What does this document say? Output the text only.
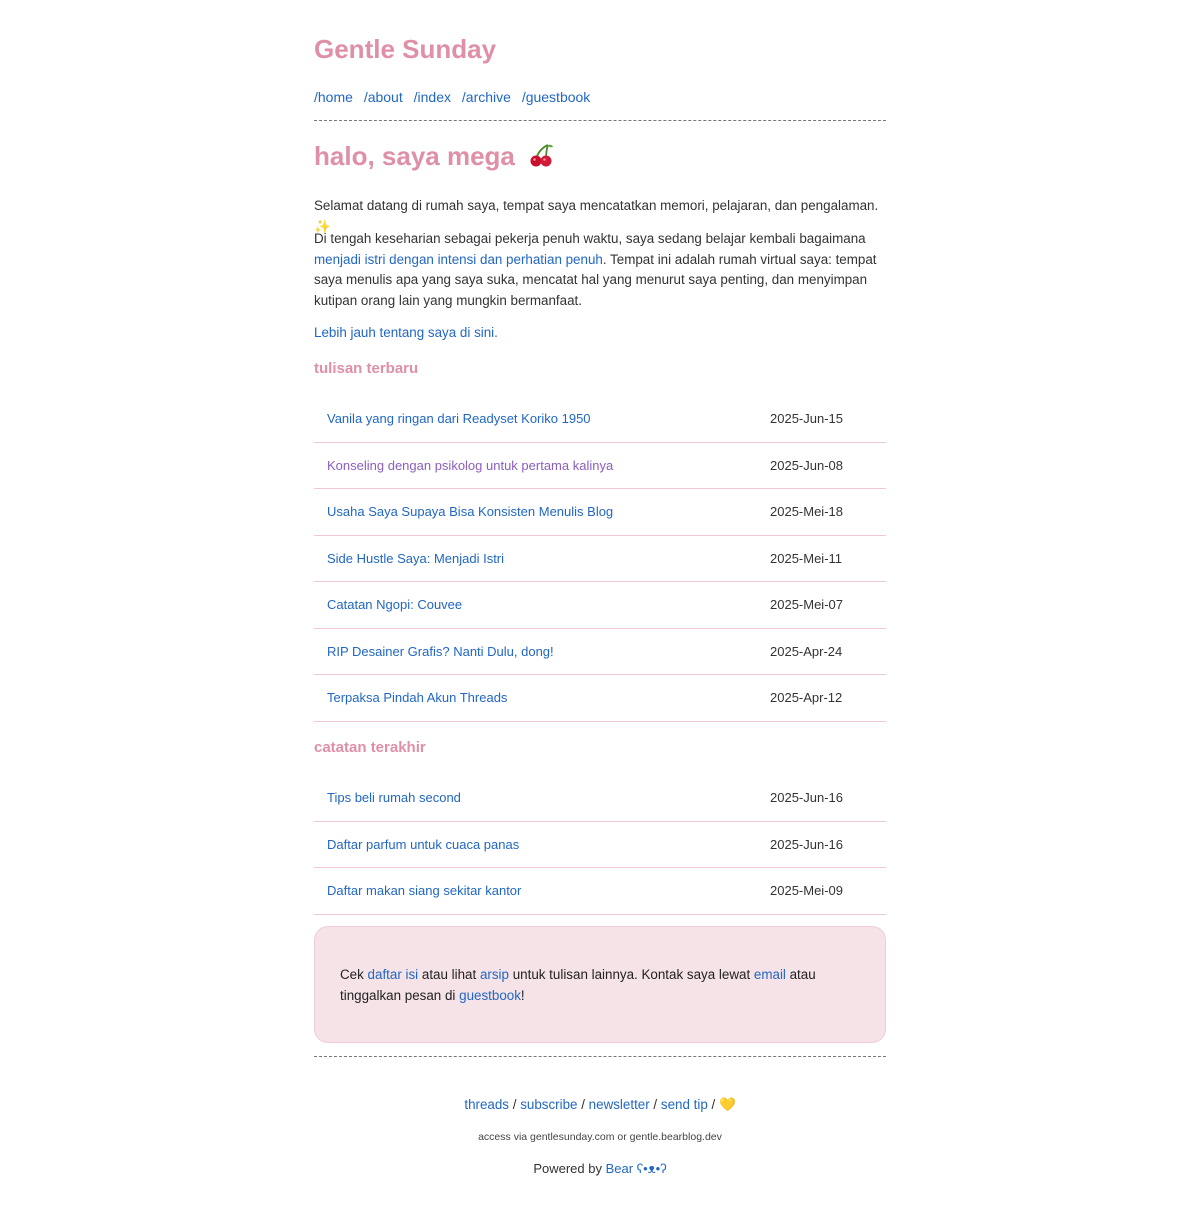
Gentle Sunday
/home /about /index /archive /guestbook
halo, saya mega

Selamat datang di rumah saya, tempat saya mencatatkan memori, pelajaran, dan pengalaman. ✨

Di tengah keseharian sebagai pekerja penuh waktu, saya sedang belajar kembali bagaimana menjadi istri dengan intensi dan perhatian penuh. Tempat ini adalah rumah virtual saya: tempat saya menulis apa yang saya suka, mencatat hal yang menurut saya penting, dan menyimpan kutipan orang lain yang mungkin bermanfaat.

Lebih jauh tentang saya di sini.

tulisan terbaru
Vanila yang ringan dari Readyset Koriko 1950	2025-Jun-15
Konseling dengan psikolog untuk pertama kalinya	2025-Jun-08
Usaha Saya Supaya Bisa Konsisten Menulis Blog	2025-Mei-18
Side Hustle Saya: Menjadi Istri	2025-Mei-11
Catatan Ngopi: Couvee	2025-Mei-07
RIP Desainer Grafis? Nanti Dulu, dong!	2025-Apr-24
Terpaksa Pindah Akun Threads	2025-Apr-12
catatan terakhir
Tips beli rumah second	2025-Jun-16
Daftar parfum untuk cuaca panas	2025-Jun-16
Daftar makan siang sekitar kantor	2025-Mei-09
Cek daftar isi atau lihat arsip untuk tulisan lainnya. Kontak saya lewat email atau tinggalkan pesan di guestbook!
threads / subscribe / newsletter / send tip / 💛
access via gentlesunday.com or gentle.bearblog.dev
Powered by Bear ʕ•ᴥ•ʔ
